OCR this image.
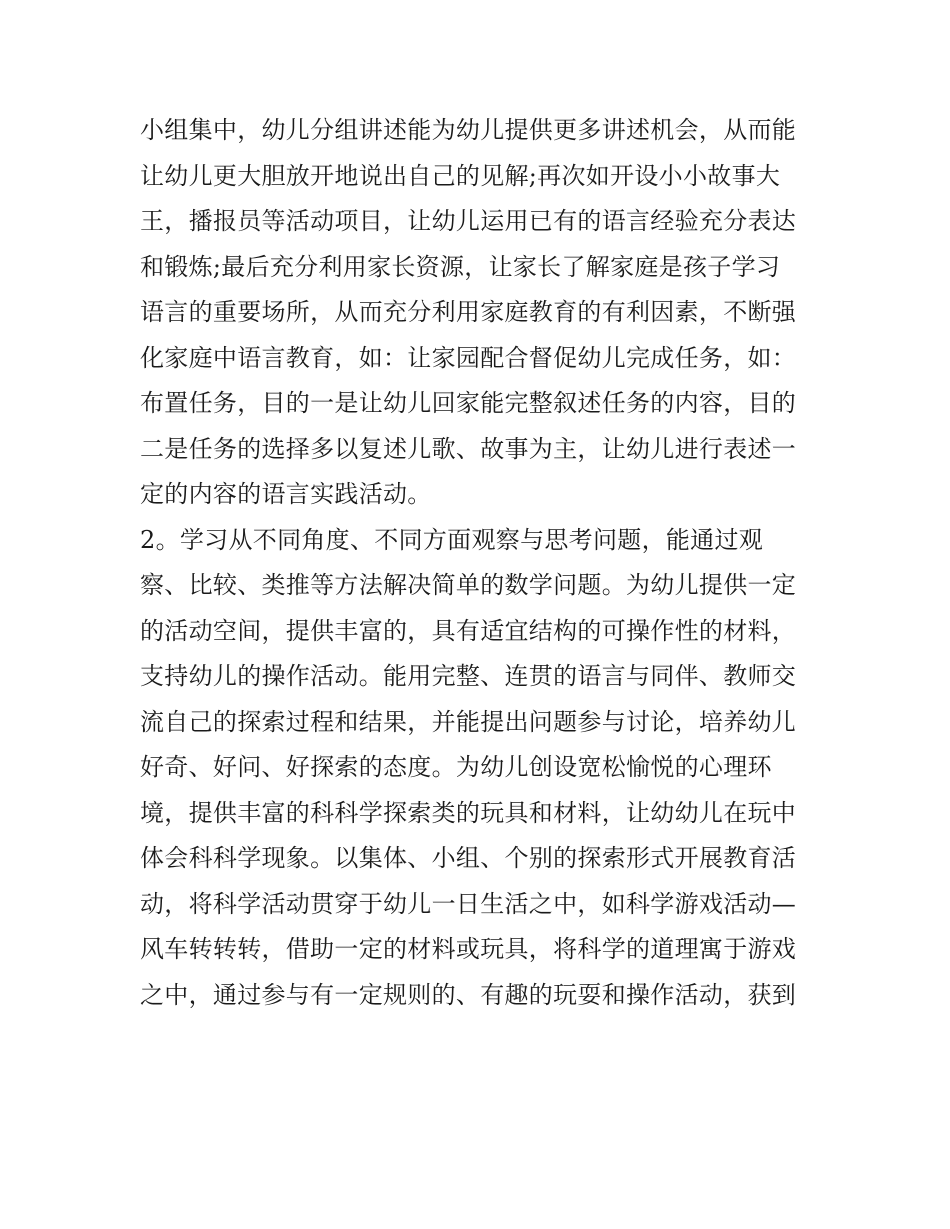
小组集中，幼儿分组讲述能为幼儿提供更多讲述机会，从而能
让幼儿更大胆放开地说出自己的见解;再次如开设小小故事大
王，播报员等活动项目，让幼儿运用已有的语言经验充分表达
和锻炼;最后充分利用家长资源，让家长了解家庭是孩子学习
语言的重要场所，从而充分利用家庭教育的有利因素，不断强
化家庭中语言教育，如：让家园配合督促幼儿完成任务，如：
布置任务，目的一是让幼儿回家能完整叙述任务的内容，目的
二是任务的选择多以复述儿歌、故事为主，让幼儿进行表述一
定的内容的语言实践活动。
2。学习从不同角度、不同方面观察与思考问题，能通过观
察、比较、类推等方法解决简单的数学问题。为幼儿提供一定
的活动空间，提供丰富的，具有适宜结构的可操作性的材料，
支持幼儿的操作活动。能用完整、连贯的语言与同伴、教师交
流自己的探索过程和结果，并能提出问题参与讨论，培养幼儿
好奇、好问、好探索的态度。为幼儿创设宽松愉悦的心理环
境，提供丰富的科科学探索类的玩具和材料，让幼幼儿在玩中
体会科科学现象。以集体、小组、个别的探索形式开展教育活
动，将科学活动贯穿于幼儿一日生活之中，如科学游戏活动—
风车转转转，借助一定的材料或玩具，将科学的道理寓于游戏
之中，通过参与有一定规则的、有趣的玩耍和操作活动，获到
